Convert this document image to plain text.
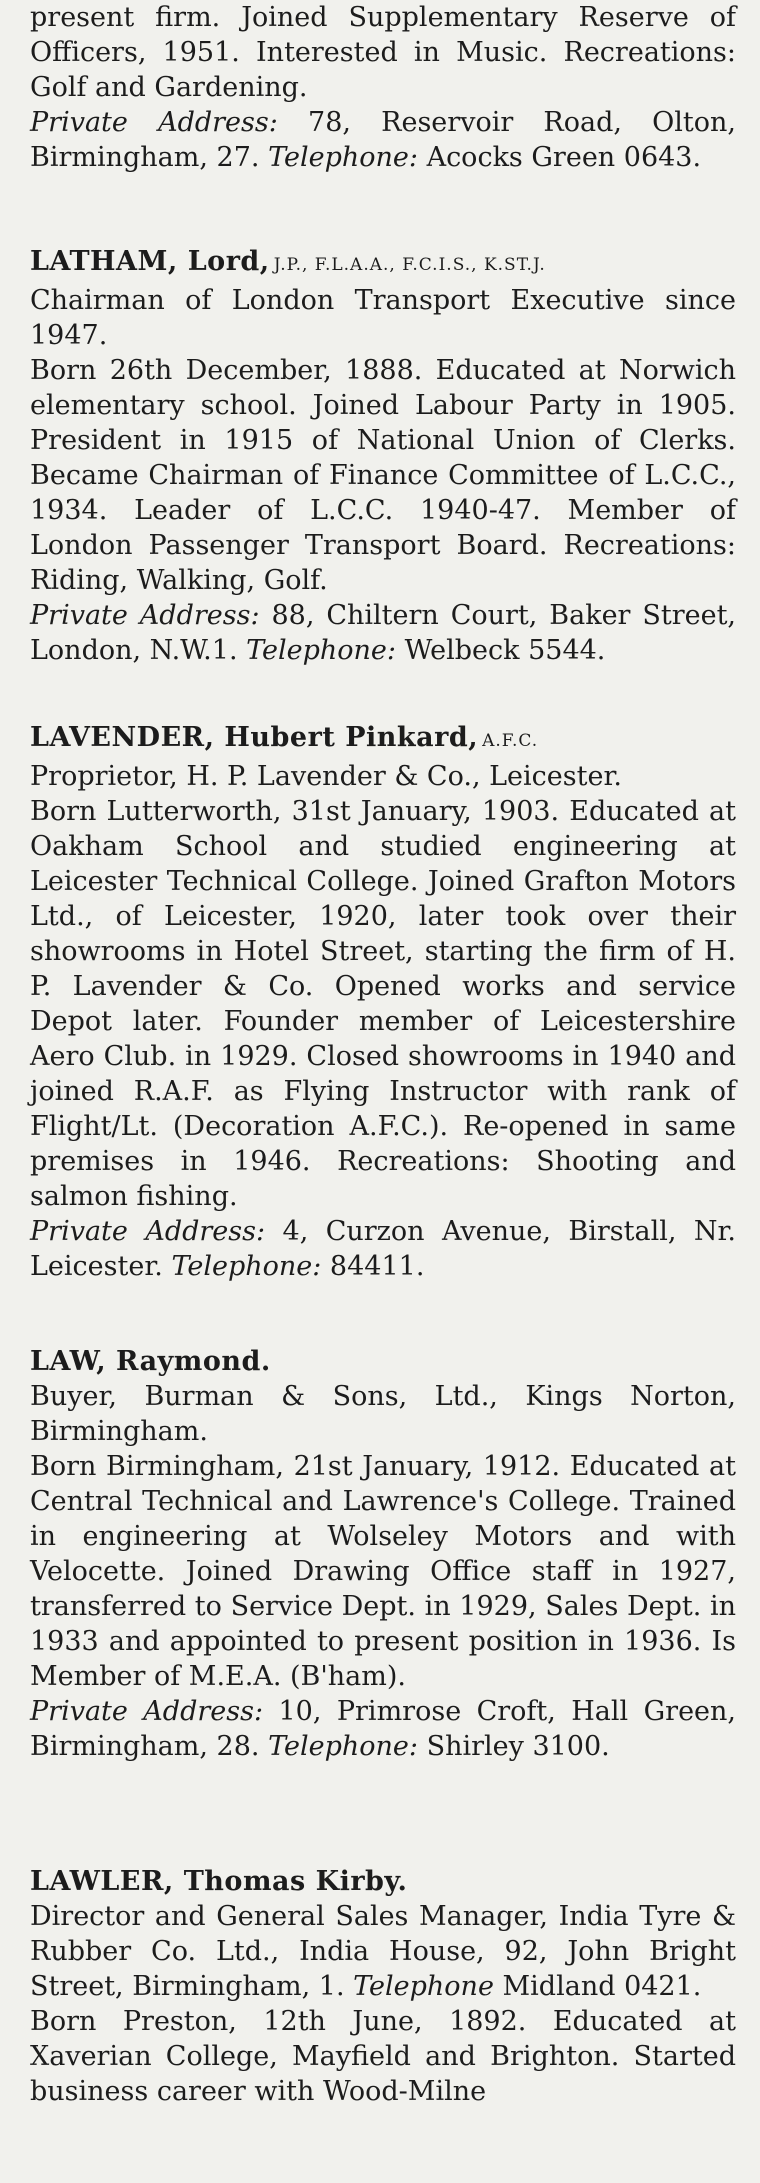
present firm. Joined Supplementary Reserve of Officers, 1951. Interested in Music. Recreations: Golf and Gardening.

Private Address: 78, Reservoir Road, Olton, Birmingham, 27. Telephone: Acocks Green 0643.

LATHAM, Lord, J.P., F.L.A.A., F.C.I.S., K.ST.J.

Chairman of London Transport Executive since 1947.

Born 26th December, 1888. Educated at Norwich elementary school. Joined Labour Party in 1905. President in 1915 of National Union of Clerks. Became Chairman of Finance Committee of L.C.C., 1934. Leader of L.C.C. 1940-47. Member of London Passenger Transport Board. Recreations: Riding, Walking, Golf.

Private Address: 88, Chiltern Court, Baker Street, London, N.W.1. Telephone: Welbeck 5544.

LAVENDER, Hubert Pinkard, A.F.C.

Proprietor, H. P. Lavender & Co., Leicester.

Born Lutterworth, 31st January, 1903. Educated at Oakham School and studied engineering at Leicester Technical College. Joined Grafton Motors Ltd., of Leicester, 1920, later took over their showrooms in Hotel Street, starting the firm of H. P. Lavender & Co. Opened works and service Depot later. Founder member of Leicestershire Aero Club. in 1929. Closed showrooms in 1940 and joined R.A.F. as Flying Instructor with rank of Flight/Lt. (Decoration A.F.C.). Re-opened in same premises in 1946. Recreations: Shooting and salmon fishing.

Private Address: 4, Curzon Avenue, Birstall, Nr. Leicester. Telephone: 84411.

LAW, Raymond.

Buyer, Burman & Sons, Ltd., Kings Norton, Birmingham.

Born Birmingham, 21st January, 1912. Educated at Central Technical and Lawrence's College. Trained in engineering at Wolseley Motors and with Velocette. Joined Drawing Office staff in 1927, transferred to Service Dept. in 1929, Sales Dept. in 1933 and appointed to present position in 1936. Is Member of M.E.A. (B'ham).

Private Address: 10, Primrose Croft, Hall Green, Birmingham, 28. Telephone: Shirley 3100.

LAWLER, Thomas Kirby.

Director and General Sales Manager, India Tyre & Rubber Co. Ltd., India House, 92, John Bright Street, Birmingham, 1. Telephone Midland 0421.

Born Preston, 12th June, 1892. Educated at Xaverian College, Mayfield and Brighton. Started business career with Wood-Milne
